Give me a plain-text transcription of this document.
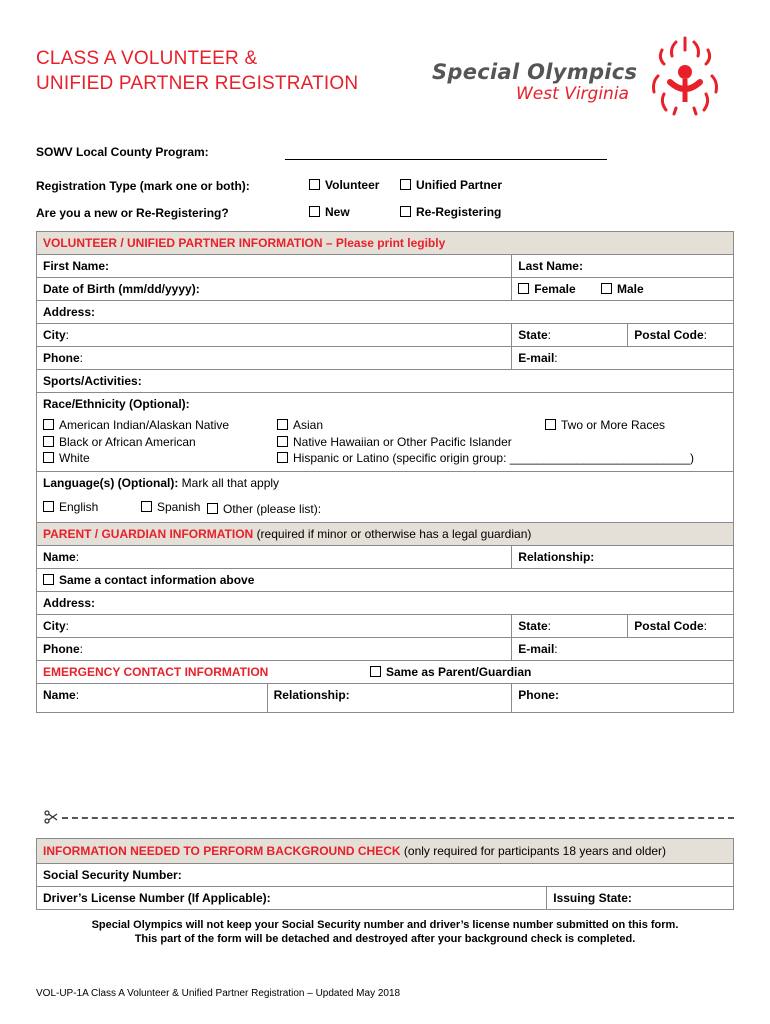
CLASS A VOLUNTEER &
UNIFIED PARTNER REGISTRATION	Special Olympics
West Virginia
SOWV Local County Program:
Registration Type (mark one or both):	Volunteer	Unified Partner
Are you a new or Re-Registering?	New	Re-Registering
VOLUNTEER / UNIFIED PARTNER INFORMATION – Please print legibly
First Name:	Last Name:
Date of Birth (mm/dd/yyyy):	Female	Male
Address:
City:		State:	Postal Code:

Phone:	E-mail:
Sports/Activities:

Race/Ethnicity (Optional):
American Indian/Alaskan Native
Black or African American
White
Asian
Native Hawaiian or Other Pacific Islander
Hispanic or Latino (specific origin group: ___________________________)
Two or More Races

Language(s) (Optional): Mark all that apply
English	Spanish	Other (please list):

PARENT / GUARDIAN INFORMATION (required if minor or otherwise has a legal guardian)
Name:	Relationship:
Same a contact information above
Address:
City:		State:	Postal Code:

Phone:	E-mail:
EMERGENCY CONTACT INFORMATION	Same as Parent/Guardian
Name:	Relationship:	Phone:
INFORMATION NEEDED TO PERFORM BACKGROUND CHECK (only required for participants 18 years and older)
Social Security Number:
Driver’s License Number (If Applicable):	Issuing State:
Special Olympics will not keep your Social Security number and driver’s license number submitted on this form.
This part of the form will be detached and destroyed after your background check is completed.
VOL-UP-1A Class A Volunteer & Unified Partner Registration – Updated May 2018
